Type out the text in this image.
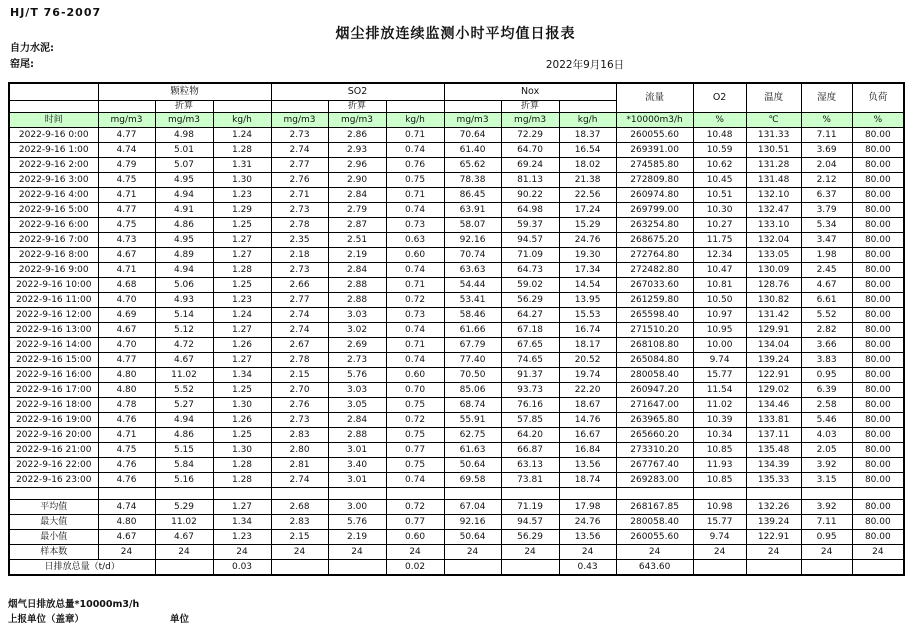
HJ/T 76-2007
烟尘排放连续监测小时平均值日报表
自力水泥:
窑尾:	2022年9月16日
	颗粒物			SO2			Nox			流量	O2	温度	湿度	负荷
		折算			折算			折算						
时间	mg/m3	mg/m3	kg/h	mg/m3	mg/m3	kg/h	mg/m3	mg/m3	kg/h	*10000m3/h	%	℃	%	%
2022-9-16 0:00	4.77	4.98	1.24	2.73	2.86	0.71	70.64	72.29	18.37	260055.60	10.48	131.33	7.11	80.00
2022-9-16 1:00	4.74	5.01	1.28	2.74	2.93	0.74	61.40	64.70	16.54	269391.00	10.59	130.51	3.69	80.00
2022-9-16 2:00	4.79	5.07	1.31	2.77	2.96	0.76	65.62	69.24	18.02	274585.80	10.62	131.28	2.04	80.00
2022-9-16 3:00	4.75	4.95	1.30	2.76	2.90	0.75	78.38	81.13	21.38	272809.80	10.45	131.48	2.12	80.00
2022-9-16 4:00	4.71	4.94	1.23	2.71	2.84	0.71	86.45	90.22	22.56	260974.80	10.51	132.10	6.37	80.00
2022-9-16 5:00	4.77	4.91	1.29	2.73	2.79	0.74	63.91	64.98	17.24	269799.00	10.30	132.47	3.79	80.00
2022-9-16 6:00	4.75	4.86	1.25	2.78	2.87	0.73	58.07	59.37	15.29	263254.80	10.27	133.10	5.34	80.00
2022-9-16 7:00	4.73	4.95	1.27	2.35	2.51	0.63	92.16	94.57	24.76	268675.20	11.75	132.04	3.47	80.00
2022-9-16 8:00	4.67	4.89	1.27	2.18	2.19	0.60	70.74	71.09	19.30	272764.80	12.34	133.05	1.98	80.00
2022-9-16 9:00	4.71	4.94	1.28	2.73	2.84	0.74	63.63	64.73	17.34	272482.80	10.47	130.09	2.45	80.00
2022-9-16 10:00	4.68	5.06	1.25	2.66	2.88	0.71	54.44	59.02	14.54	267033.60	10.81	128.76	4.67	80.00
2022-9-16 11:00	4.70	4.93	1.23	2.77	2.88	0.72	53.41	56.29	13.95	261259.80	10.50	130.82	6.61	80.00
2022-9-16 12:00	4.69	5.14	1.24	2.74	3.03	0.73	58.46	64.27	15.53	265598.40	10.97	131.42	5.52	80.00
2022-9-16 13:00	4.67	5.12	1.27	2.74	3.02	0.74	61.66	67.18	16.74	271510.20	10.95	129.91	2.82	80.00
2022-9-16 14:00	4.70	4.72	1.26	2.67	2.69	0.71	67.79	67.65	18.17	268108.80	10.00	134.04	3.66	80.00
2022-9-16 15:00	4.77	4.67	1.27	2.78	2.73	0.74	77.40	74.65	20.52	265084.80	9.74	139.24	3.83	80.00
2022-9-16 16:00	4.80	11.02	1.34	2.15	5.76	0.60	70.50	91.37	19.74	280058.40	15.77	122.91	0.95	80.00
2022-9-16 17:00	4.80	5.52	1.25	2.70	3.03	0.70	85.06	93.73	22.20	260947.20	11.54	129.02	6.39	80.00
2022-9-16 18:00	4.78	5.27	1.30	2.76	3.05	0.75	68.74	76.16	18.67	271647.00	11.02	134.46	2.58	80.00
2022-9-16 19:00	4.76	4.94	1.26	2.73	2.84	0.72	55.91	57.85	14.76	263965.80	10.39	133.81	5.46	80.00
2022-9-16 20:00	4.71	4.86	1.25	2.83	2.88	0.75	62.75	64.20	16.67	265660.20	10.34	137.11	4.03	80.00
2022-9-16 21:00	4.75	5.15	1.30	2.80	3.01	0.77	61.63	66.87	16.84	273310.20	10.85	135.48	2.05	80.00
2022-9-16 22:00	4.76	5.84	1.28	2.81	3.40	0.75	50.64	63.13	13.56	267767.40	11.93	134.39	3.92	80.00
2022-9-16 23:00	4.76	5.16	1.28	2.74	3.01	0.74	69.58	73.81	18.74	269283.00	10.85	135.33	3.15	80.00

平均值	4.74	5.29	1.27	2.68	3.00	0.72	67.04	71.19	17.98	268167.85	10.98	132.26	3.92	80.00
最大值	4.80	11.02	1.34	2.83	5.76	0.77	92.16	94.57	24.76	280058.40	15.77	139.24	7.11	80.00
最小值	4.67	4.67	1.23	2.15	2.19	0.60	50.64	56.29	13.56	260055.60	9.74	122.91	0.95	80.00
样本数	24	24	24	24	24	24	24	24	24	24	24	24	24	24
日排放总量（t/d）			0.03			0.02			0.43	643.60				
烟气日排放总量*10000m3/h
上报单位（盖章）	单位
